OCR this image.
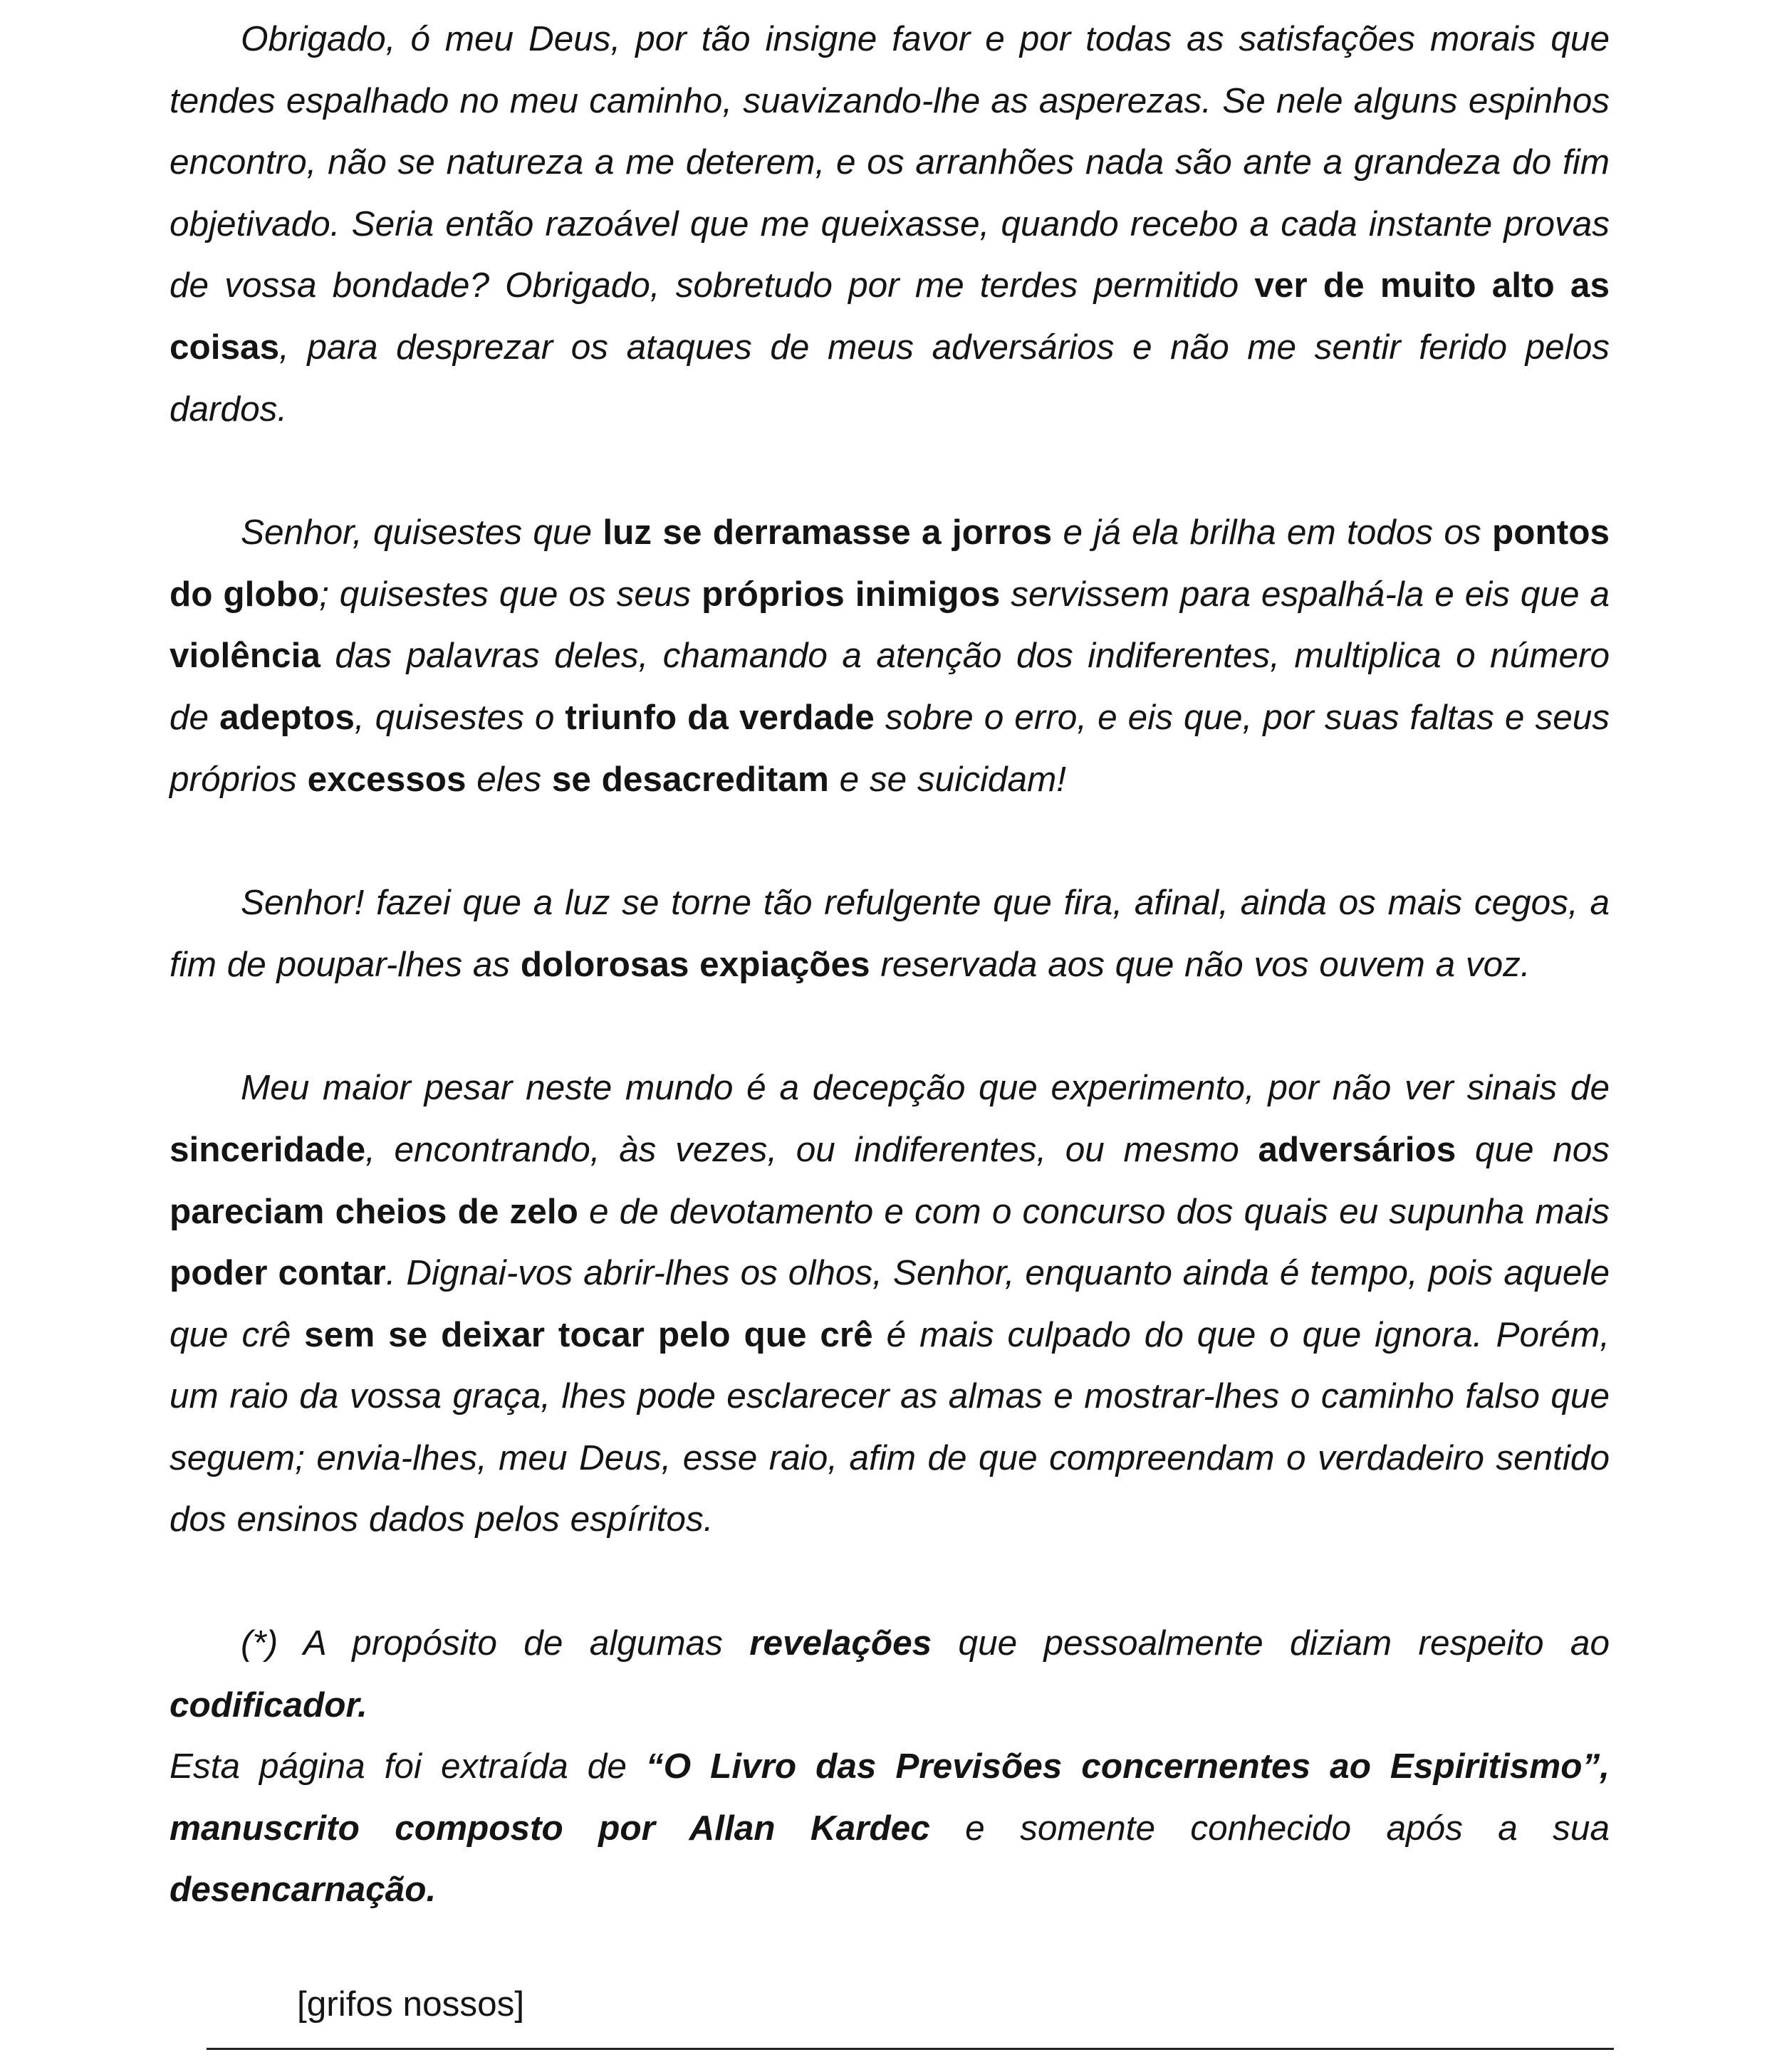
Obrigado, ó meu Deus, por tão insigne favor e por todas as satisfações morais que tendes espalhado no meu caminho, suavizando-lhe as asperezas. Se nele alguns espinhos encontro, não se natureza a me deterem, e os arranhões nada são ante a grandeza do fim objetivado. Seria então razoável que me queixasse, quando recebo a cada instante provas de vossa bondade? Obrigado, sobretudo por me terdes permitido ver de muito alto as coisas, para desprezar os ataques de meus adversários e não me sentir ferido pelos dardos.

Senhor, quisestes que luz se derramasse a jorros e já ela brilha em todos os pontos do globo; quisestes que os seus próprios inimigos servissem para espalhá-la e eis que a violência das palavras deles, chamando a atenção dos indiferentes, multiplica o número de adeptos, quisestes o triunfo da verdade sobre o erro, e eis que, por suas faltas e seus próprios excessos eles se desacreditam e se suicidam!

Senhor! fazei que a luz se torne tão refulgente que fira, afinal, ainda os mais cegos, a fim de poupar-lhes as dolorosas expiações reservada aos que não vos ouvem a voz.

Meu maior pesar neste mundo é a decepção que experimento, por não ver sinais de sinceridade, encontrando, às vezes, ou indiferentes, ou mesmo adversários que nos pareciam cheios de zelo e de devotamento e com o concurso dos quais eu supunha mais poder contar. Dignai-vos abrir-lhes os olhos, Senhor, enquanto ainda é tempo, pois aquele que crê sem se deixar tocar pelo que crê é mais culpado do que o que ignora. Porém, um raio da vossa graça, lhes pode esclarecer as almas e mostrar-lhes o caminho falso que seguem; envia-lhes, meu Deus, esse raio, afim de que compreendam o verdadeiro sentido dos ensinos dados pelos espíritos.

(*) A propósito de algumas revelações que pessoalmente diziam respeito ao codificador.

Esta página foi extraída de “O Livro das Previsões concernentes ao Espiritismo”, manuscrito composto por Allan Kardec e somente conhecido após a sua desencarnação.

[grifos nossos]
